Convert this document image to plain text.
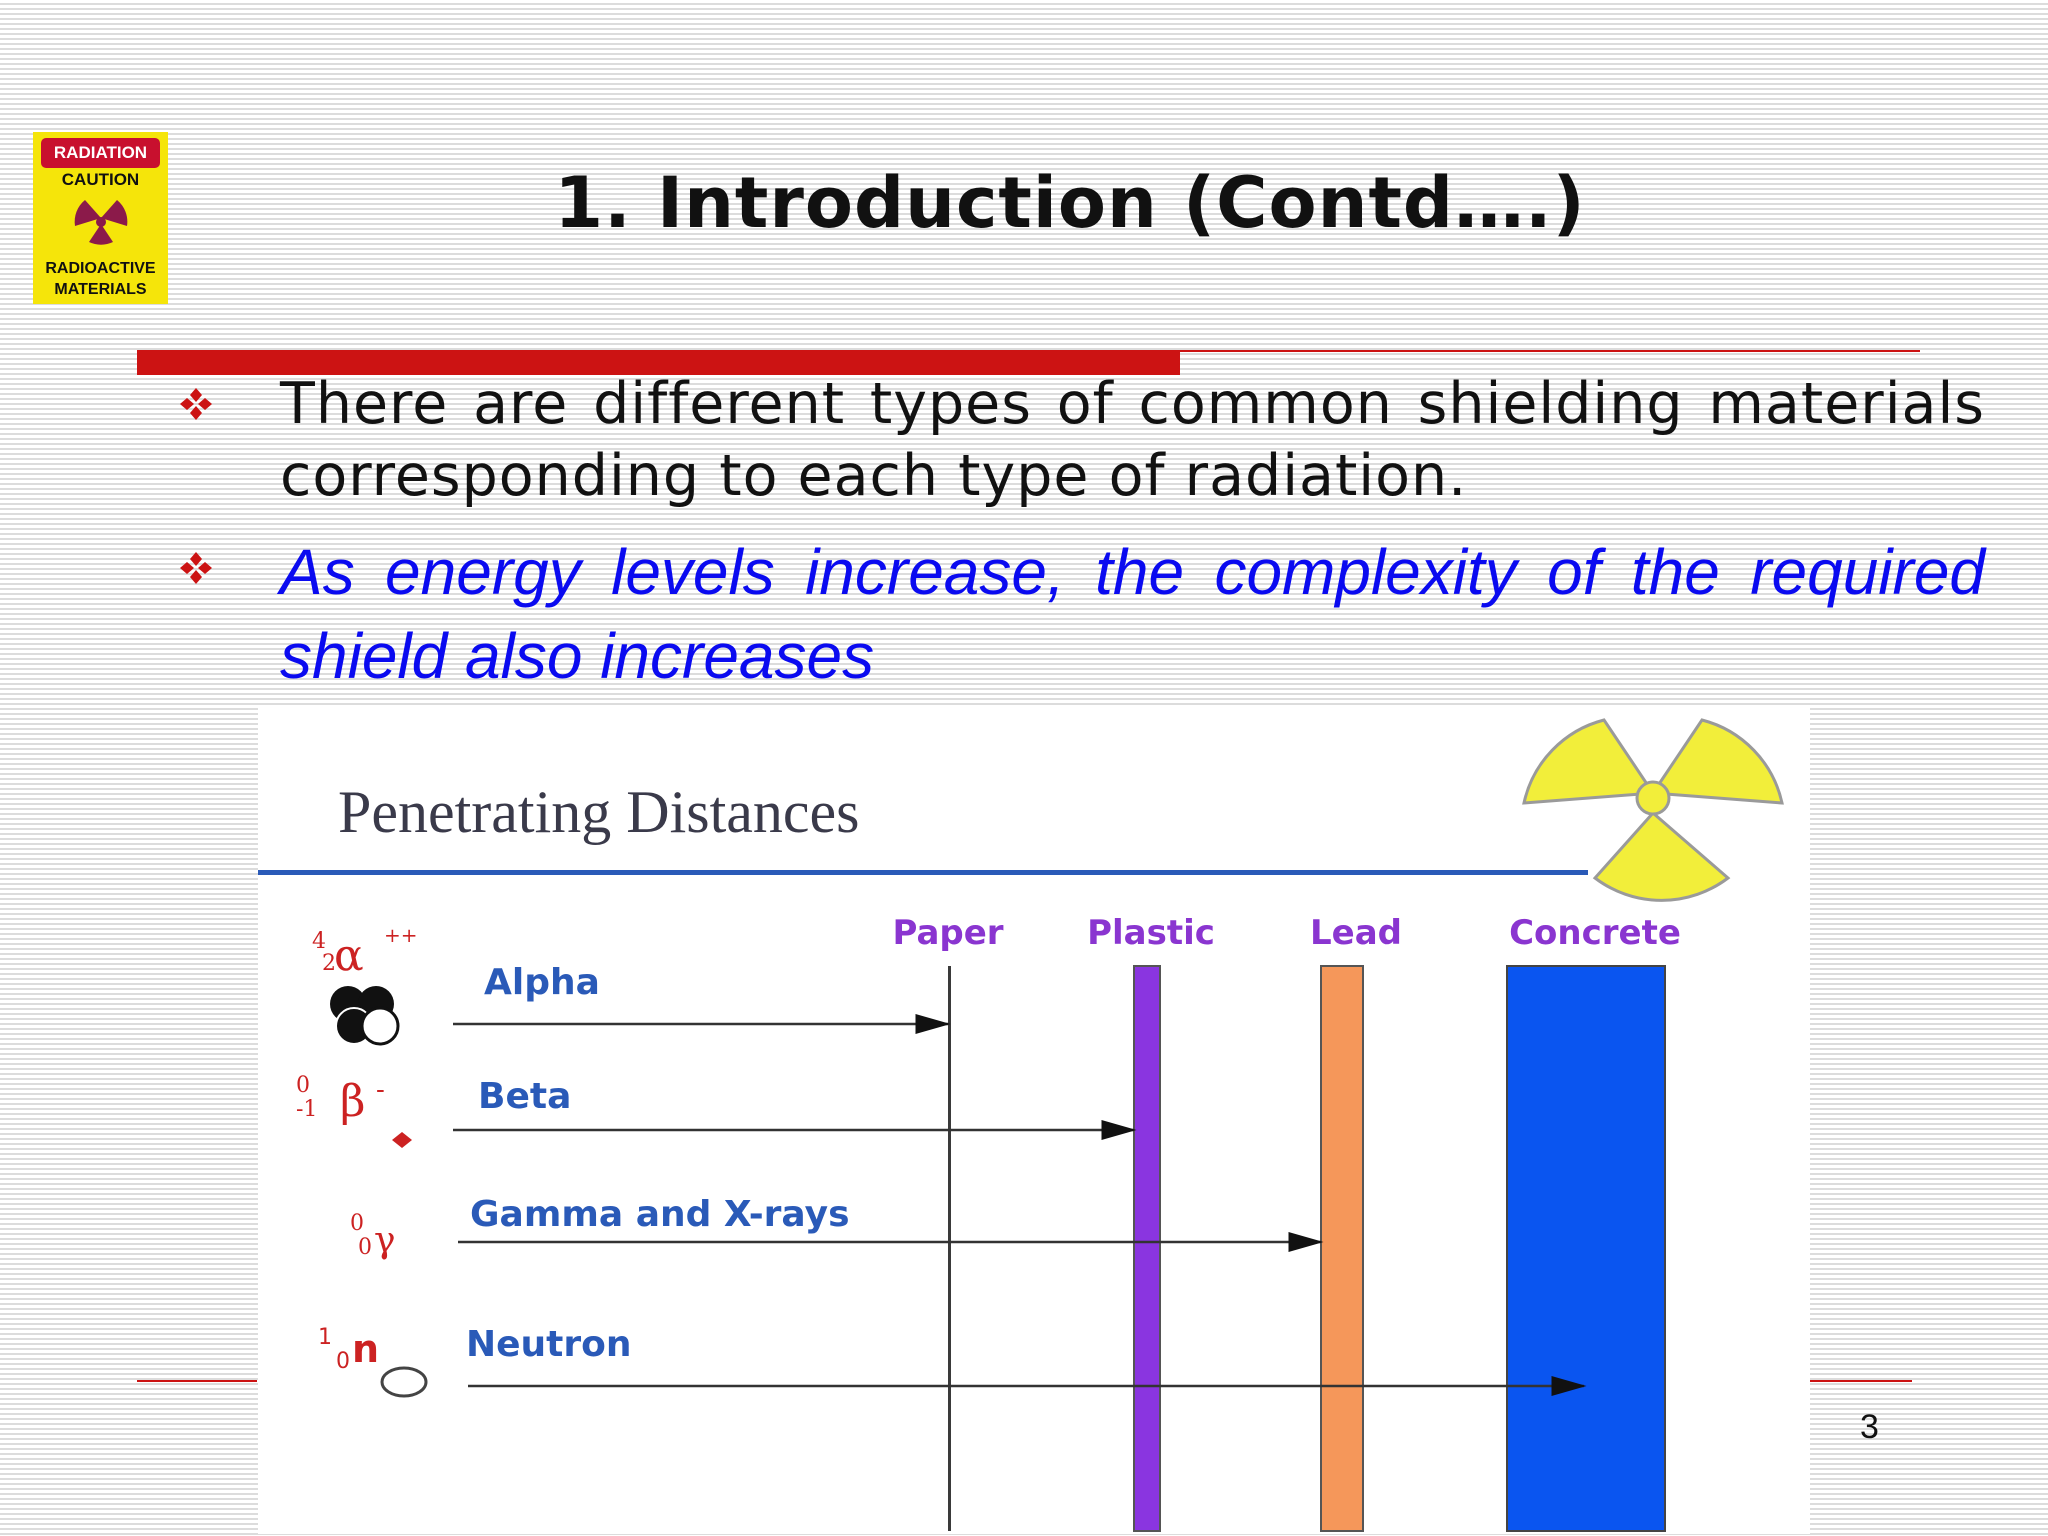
RADIATION
CAUTION
RADIOACTIVE
MATERIALS
1. Introduction (Contd….)
There are different types of common shielding materials corresponding to each type of radiation.
As energy levels increase, the complexity of the required shield also increases
Penetrating Distances
Paper Plastic	Lead	Concrete
4
2
α ++
0
-1 β -
0
0 γ
1
0 n
Alpha
Beta
Gamma and X-rays
Neutron
3
